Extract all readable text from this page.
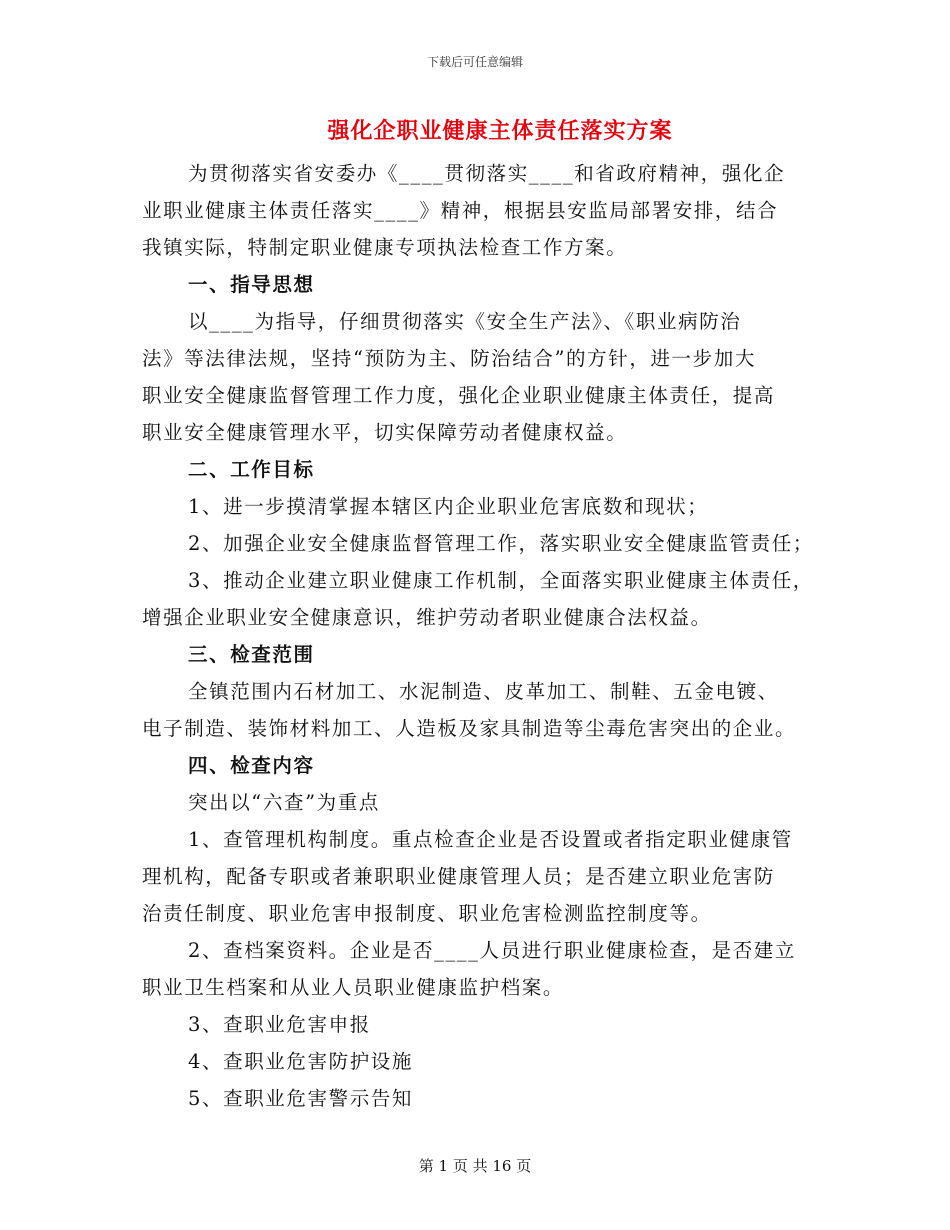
下载后可任意编辑
强化企职业健康主体责任落实方案

为贯彻落实省安委办《____贯彻落实____和省政府精神，强化企

业职业健康主体责任落实____》精神，根据县安监局部署安排，结合

我镇实际，特制定职业健康专项执法检查工作方案。

一、指导思想

以____为指导，仔细贯彻落实《安全生产法》、《职业病防治

法》等法律法规，坚持“预防为主、防治结合”的方针，进一步加大

职业安全健康监督管理工作力度，强化企业职业健康主体责任，提高

职业安全健康管理水平，切实保障劳动者健康权益。

二、工作目标

1、进一步摸清掌握本辖区内企业职业危害底数和现状；

2、加强企业安全健康监督管理工作，落实职业安全健康监管责任；

3、推动企业建立职业健康工作机制，全面落实职业健康主体责任，

增强企业职业安全健康意识，维护劳动者职业健康合法权益。

三、检查范围

全镇范围内石材加工、水泥制造、皮革加工、制鞋、五金电镀、

电子制造、装饰材料加工、人造板及家具制造等尘毒危害突出的企业。

四、检查内容

突出以“六查”为重点

1、查管理机构制度。重点检查企业是否设置或者指定职业健康管

理机构，配备专职或者兼职职业健康管理人员；是否建立职业危害防

治责任制度、职业危害申报制度、职业危害检测监控制度等。

2、查档案资料。企业是否____人员进行职业健康检查，是否建立

职业卫生档案和从业人员职业健康监护档案。

3、查职业危害申报

4、查职业危害防护设施

5、查职业危害警示告知

第 1 页 共 16 页
